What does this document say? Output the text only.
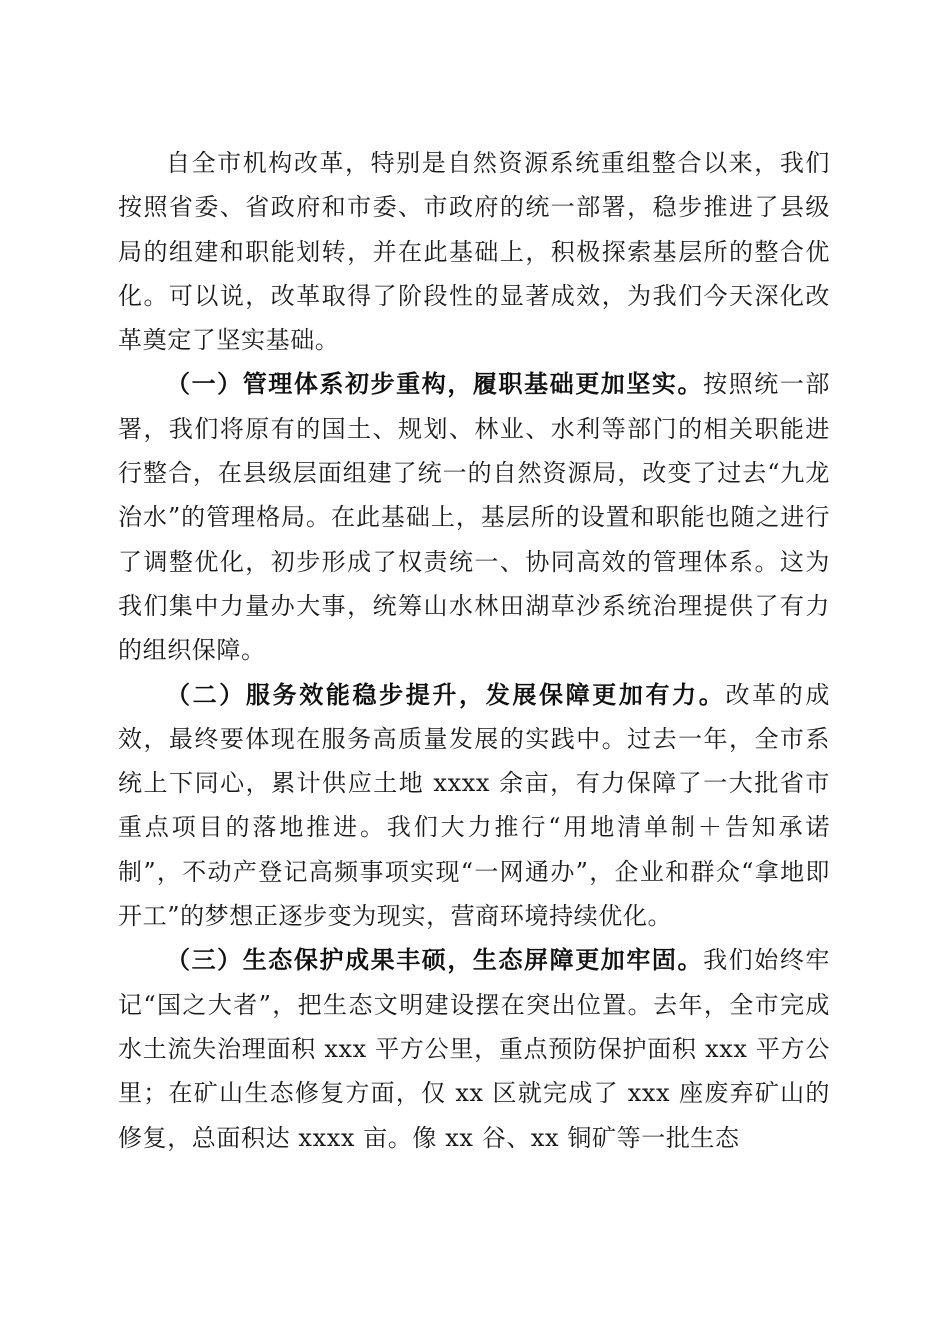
自全市机构改革，特别是自然资源系统重组整合以来，我们按照省委、省政府和市委、市政府的统一部署，稳步推进了县级局的组建和职能划转，并在此基础上，积极探索基层所的整合优化。可以说，改革取得了阶段性的显著成效，为我们今天深化改革奠定了坚实基础。

（一）管理体系初步重构，履职基础更加坚实。按照统一部署，我们将原有的国土、规划、林业、水利等部门的相关职能进行整合，在县级层面组建了统一的自然资源局，改变了过去“九龙治水”的管理格局。在此基础上，基层所的设置和职能也随之进行了调整优化，初步形成了权责统一、协同高效的管理体系。这为我们集中力量办大事，统筹山水林田湖草沙系统治理提供了有力的组织保障。

（二）服务效能稳步提升，发展保障更加有力。改革的成效，最终要体现在服务高质量发展的实践中。过去一年，全市系统上下同心，累计供应土地 xxxx 余亩，有力保障了一大批省市重点项目的落地推进。我们大力推行“用地清单制＋告知承诺制”，不动产登记高频事项实现“一网通办”，企业和群众“拿地即开工”的梦想正逐步变为现实，营商环境持续优化。

（三）生态保护成果丰硕，生态屏障更加牢固。我们始终牢记“国之大者”，把生态文明建设摆在突出位置。去年，全市完成水土流失治理面积 xxx 平方公里，重点预防保护面积 xxx 平方公里；在矿山生态修复方面，仅 xx 区就完成了 xxx 座废弃矿山的修复，总面积达 xxxx 亩。像 xx 谷、xx 铜矿等一批生态
